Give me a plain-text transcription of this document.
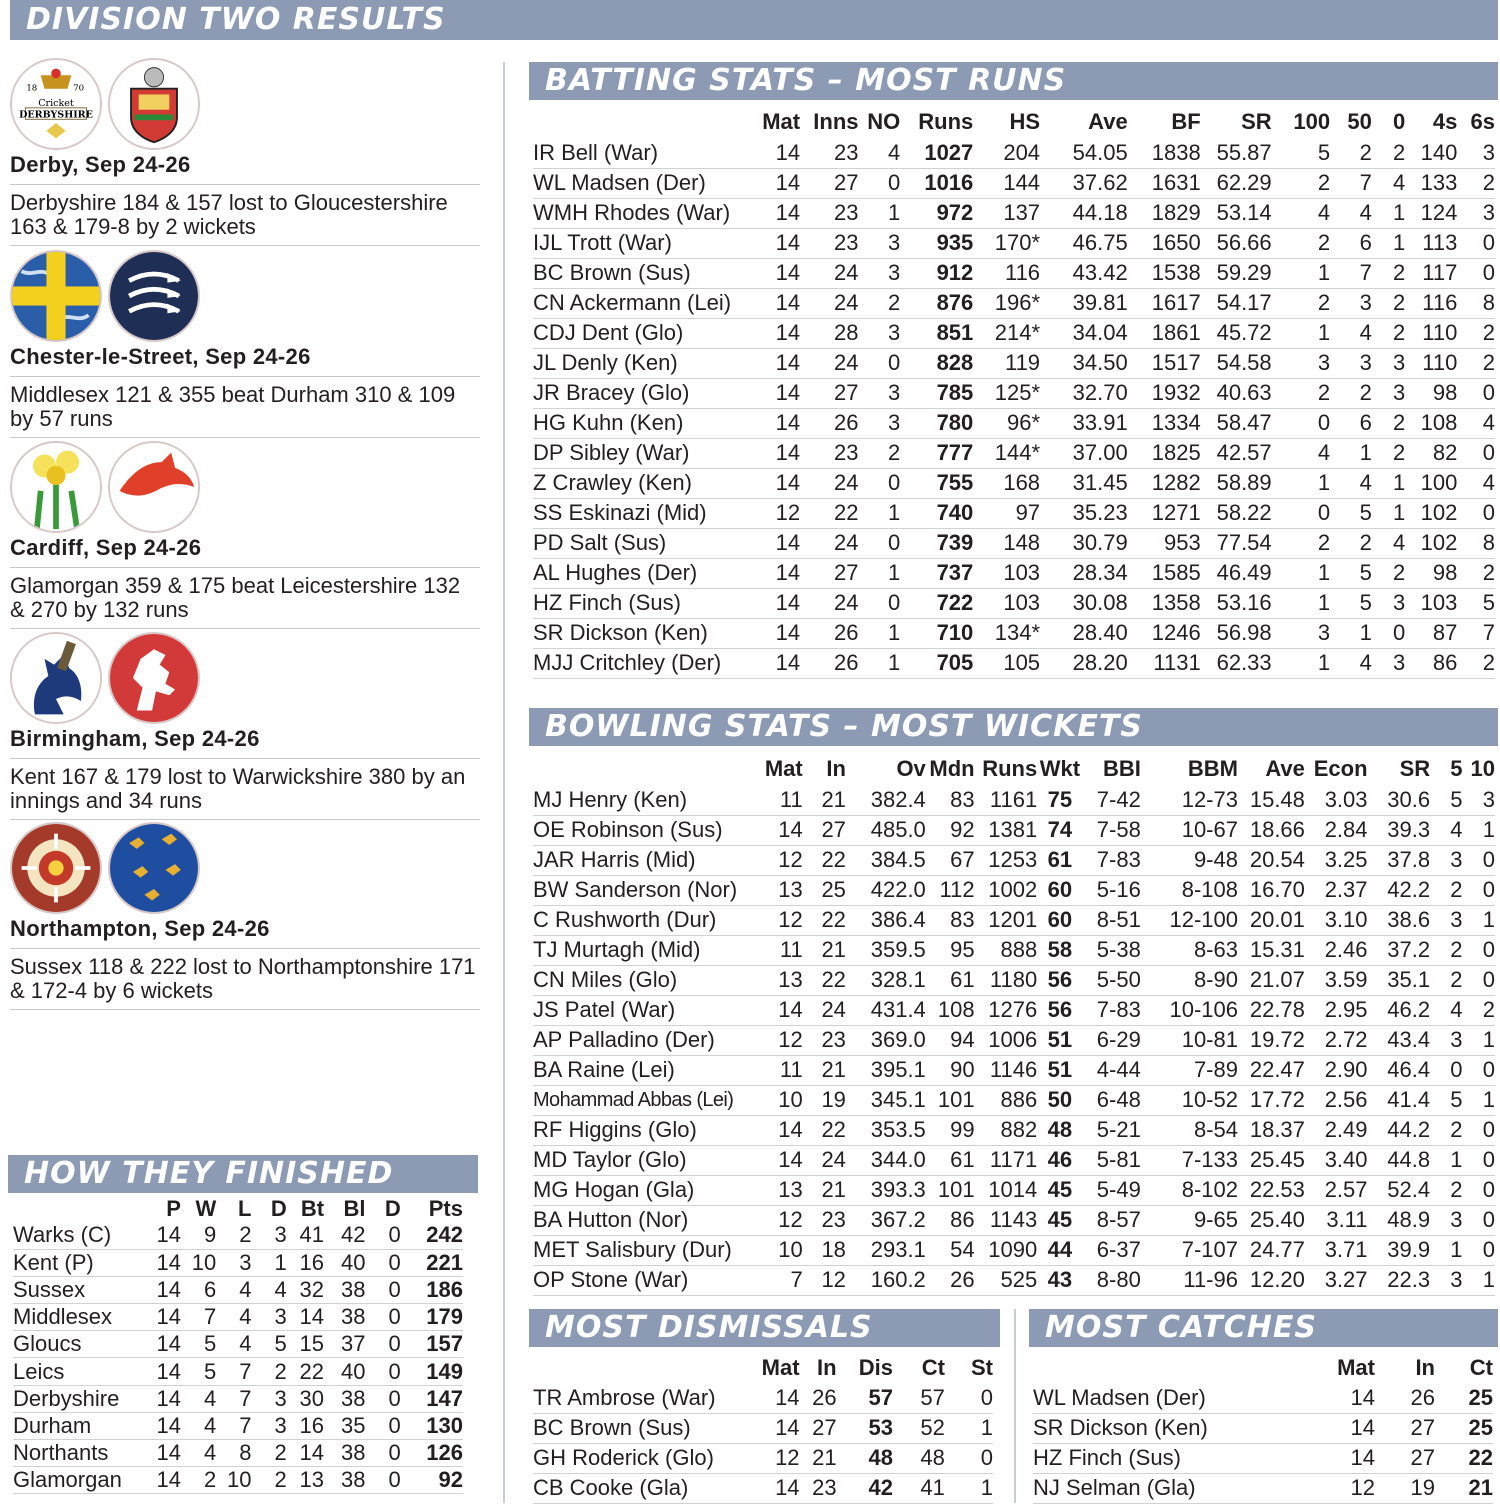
DIVISION TWO RESULTS
BATTING STATS – MOST RUNS
BOWLING STATS – MOST WICKETS
HOW THEY FINISHED
MOST DISMISSALS	MOST CATCHES
18	70
Cricket
DERBYSHIRE
Derby, Sep 24-26
Derbyshire 184 & 157 lost to Gloucestershire 163 & 179-8 by 2 wickets
Chester-le-Street, Sep 24-26
Middlesex 121 & 355 beat Durham 310 & 109 by 57 runs
Cardiff, Sep 24-26
Glamorgan 359 & 175 beat Leicestershire 132 & 270 by 132 runs
Birmingham, Sep 24-26
Kent 167 & 179 lost to Warwickshire 380 by an innings and 34 runs
Northampton, Sep 24-26
Sussex 118 & 222 lost to Northamptonshire 171 & 172-4 by 6 wickets
	Mat	Inns	NO	Runs	HS	Ave	BF	SR	100	50	0	4s	6s
IR Bell (War)	14	23	4	1027	204	54.05	1838	55.87	5	2	2	140	3
WL Madsen (Der)	14	27	0	1016	144	37.62	1631	62.29	2	7	4	133	2
WMH Rhodes (War)	14	23	1	972	137	44.18	1829	53.14	4	4	1	124	3
IJL Trott (War)	14	23	3	935	170*	46.75	1650	56.66	2	6	1	113	0
BC Brown (Sus)	14	24	3	912	116	43.42	1538	59.29	1	7	2	117	0
CN Ackermann (Lei)	14	24	2	876	196*	39.81	1617	54.17	2	3	2	116	8
CDJ Dent (Glo)	14	28	3	851	214*	34.04	1861	45.72	1	4	2	110	2
JL Denly (Ken)	14	24	0	828	119	34.50	1517	54.58	3	3	3	110	2
JR Bracey (Glo)	14	27	3	785	125*	32.70	1932	40.63	2	2	3	98	0
HG Kuhn (Ken)	14	26	3	780	96*	33.91	1334	58.47	0	6	2	108	4
DP Sibley (War)	14	23	2	777	144*	37.00	1825	42.57	4	1	2	82	0
Z Crawley (Ken)	14	24	0	755	168	31.45	1282	58.89	1	4	1	100	4
SS Eskinazi (Mid)	12	22	1	740	97	35.23	1271	58.22	0	5	1	102	0
PD Salt (Sus)	14	24	0	739	148	30.79	953	77.54	2	2	4	102	8
AL Hughes (Der)	14	27	1	737	103	28.34	1585	46.49	1	5	2	98	2
HZ Finch (Sus)	14	24	0	722	103	30.08	1358	53.16	1	5	3	103	5
SR Dickson (Ken)	14	26	1	710	134*	28.40	1246	56.98	3	1	0	87	7
MJJ Critchley (Der)	14	26	1	705	105	28.20	1131	62.33	1	4	3	86	2
	Mat	In	Ov	Mdn	Runs	Wkt	BBI	BBM	Ave	Econ	SR	5	10
MJ Henry (Ken)	11	21	382.4	83	1161	75	7-42	12-73	15.48	3.03	30.6	5	3
OE Robinson (Sus)	14	27	485.0	92	1381	74	7-58	10-67	18.66	2.84	39.3	4	1
JAR Harris (Mid)	12	22	384.5	67	1253	61	7-83	9-48	20.54	3.25	37.8	3	0
BW Sanderson (Nor)	13	25	422.0	112	1002	60	5-16	8-108	16.70	2.37	42.2	2	0
C Rushworth (Dur)	12	22	386.4	83	1201	60	8-51	12-100	20.01	3.10	38.6	3	1
TJ Murtagh (Mid)	11	21	359.5	95	888	58	5-38	8-63	15.31	2.46	37.2	2	0
CN Miles (Glo)	13	22	328.1	61	1180	56	5-50	8-90	21.07	3.59	35.1	2	0
JS Patel (War)	14	24	431.4	108	1276	56	7-83	10-106	22.78	2.95	46.2	4	2
AP Palladino (Der)	12	23	369.0	94	1006	51	6-29	10-81	19.72	2.72	43.4	3	1
BA Raine (Lei)	11	21	395.1	90	1146	51	4-44	7-89	22.47	2.90	46.4	0	0
Mohammad Abbas (Lei)	10	19	345.1	101	886	50	6-48	10-52	17.72	2.56	41.4	5	1
RF Higgins (Glo)	14	22	353.5	99	882	48	5-21	8-54	18.37	2.49	44.2	2	0
MD Taylor (Glo)	14	24	344.0	61	1171	46	5-81	7-133	25.45	3.40	44.8	1	0
MG Hogan (Gla)	13	21	393.3	101	1014	45	5-49	8-102	22.53	2.57	52.4	2	0
BA Hutton (Nor)	12	23	367.2	86	1143	45	8-57	9-65	25.40	3.11	48.9	3	0
MET Salisbury (Dur)	10	18	293.1	54	1090	44	6-37	7-107	24.77	3.71	39.9	1	0
OP Stone (War)	7	12	160.2	26	525	43	8-80	11-96	12.20	3.27	22.3	3	1
	P	W	L	D	Bt	Bl	D	Pts
Warks (C)	14	9	2	3	41	42	0	242
Kent (P)	14	10	3	1	16	40	0	221
Sussex	14	6	4	4	32	38	0	186
Middlesex	14	7	4	3	14	38	0	179
Gloucs	14	5	4	5	15	37	0	157
Leics	14	5	7	2	22	40	0	149
Derbyshire	14	4	7	3	30	38	0	147
Durham	14	4	7	3	16	35	0	130
Northants	14	4	8	2	14	38	0	126
Glamorgan	14	2	10	2	13	38	0	92
	Mat	In	Dis	Ct	St
TR Ambrose (War)	14	26	57	57	0
BC Brown (Sus)	14	27	53	52	1
GH Roderick (Glo)	12	21	48	48	0
CB Cooke (Gla)	14	23	42	41	1
	Mat	In	Ct
WL Madsen (Der)	14	26	25
SR Dickson (Ken)	14	27	25
HZ Finch (Sus)	14	27	22
NJ Selman (Gla)	12	19	21
